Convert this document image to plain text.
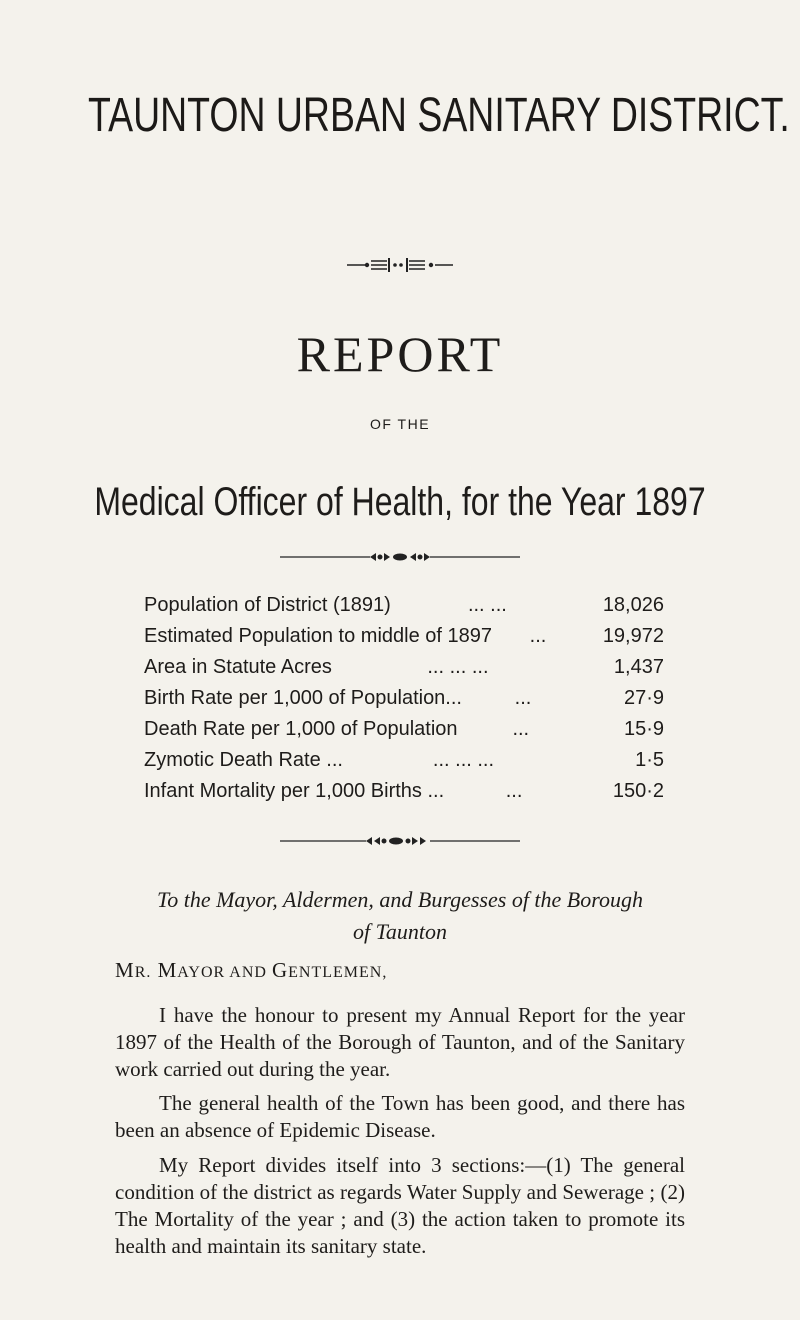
TAUNTON URBAN SANITARY DISTRICT.
REPORT
OF THE
Medical Officer of Health, for the Year 1897
Population of District (1891)	... ...	18,026
Estimated Population to middle of 1897 ...	19,972
Area in Statute Acres	... ... ...	1,437
Birth Rate per 1,000 of Population...	...	27·9
Death Rate per 1,000 of Population	...	15·9
Zymotic Death Rate ...	... ... ...	1·5
Infant Mortality per 1,000 Births ...	...	150·2
To the Mayor, Aldermen, and Burgesses of the Borough
of Taunton
MR. MAYOR AND GENTLEMEN,
I have the honour to present my Annual Report for the year 1897 of the Health of the Borough of Taunton, and of the Sanitary work carried out during the year.
The general health of the Town has been good, and there has been an absence of Epidemic Disease.
My Report divides itself into 3 sections:—(1) The general condition of the district as regards Water Supply and Sewerage ; (2) The Mortality of the year ; and (3) the action taken to promote its health and maintain its sanitary state.
